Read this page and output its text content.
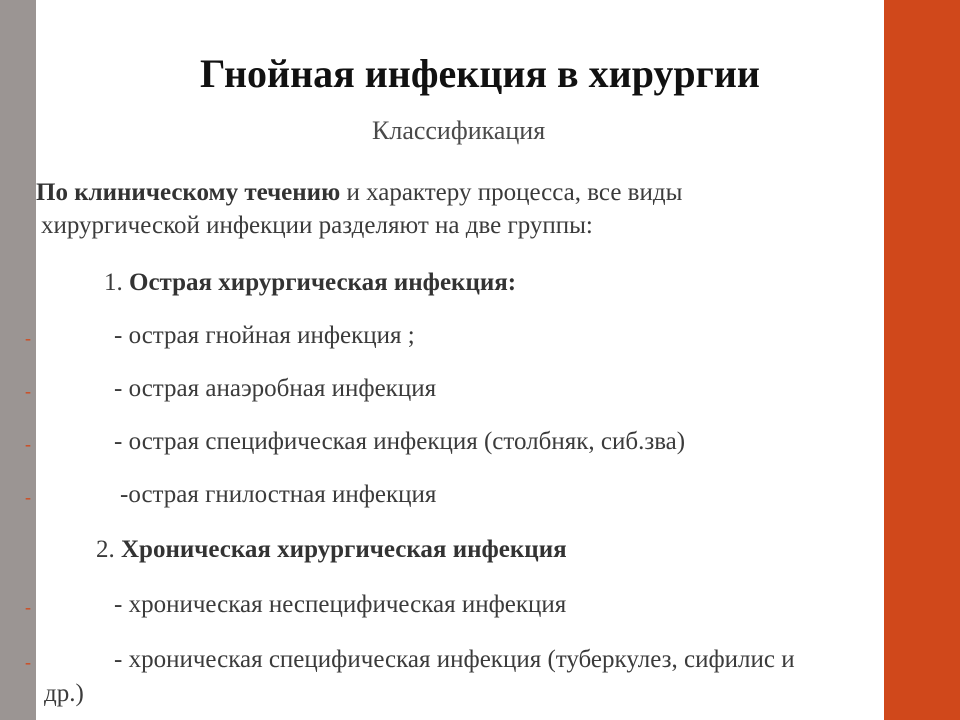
Гнойная инфекция в хирургии
Классификация
По клиническому течению и характеру процесса, все виды
хирургической инфекции разделяют на две группы:
1. Острая хирургическая инфекция:
-	- острая гнойная инфекция ;
-	- острая анаэробная инфекция
-	- острая специфическая инфекция (столбняк, сиб.зва)
-	-острая гнилостная инфекция
2. Хроническая хирургическая инфекция
-	- хроническая неспецифическая инфекция
-	- хроническая специфическая инфекция (туберкулез, сифилис и
др.)
